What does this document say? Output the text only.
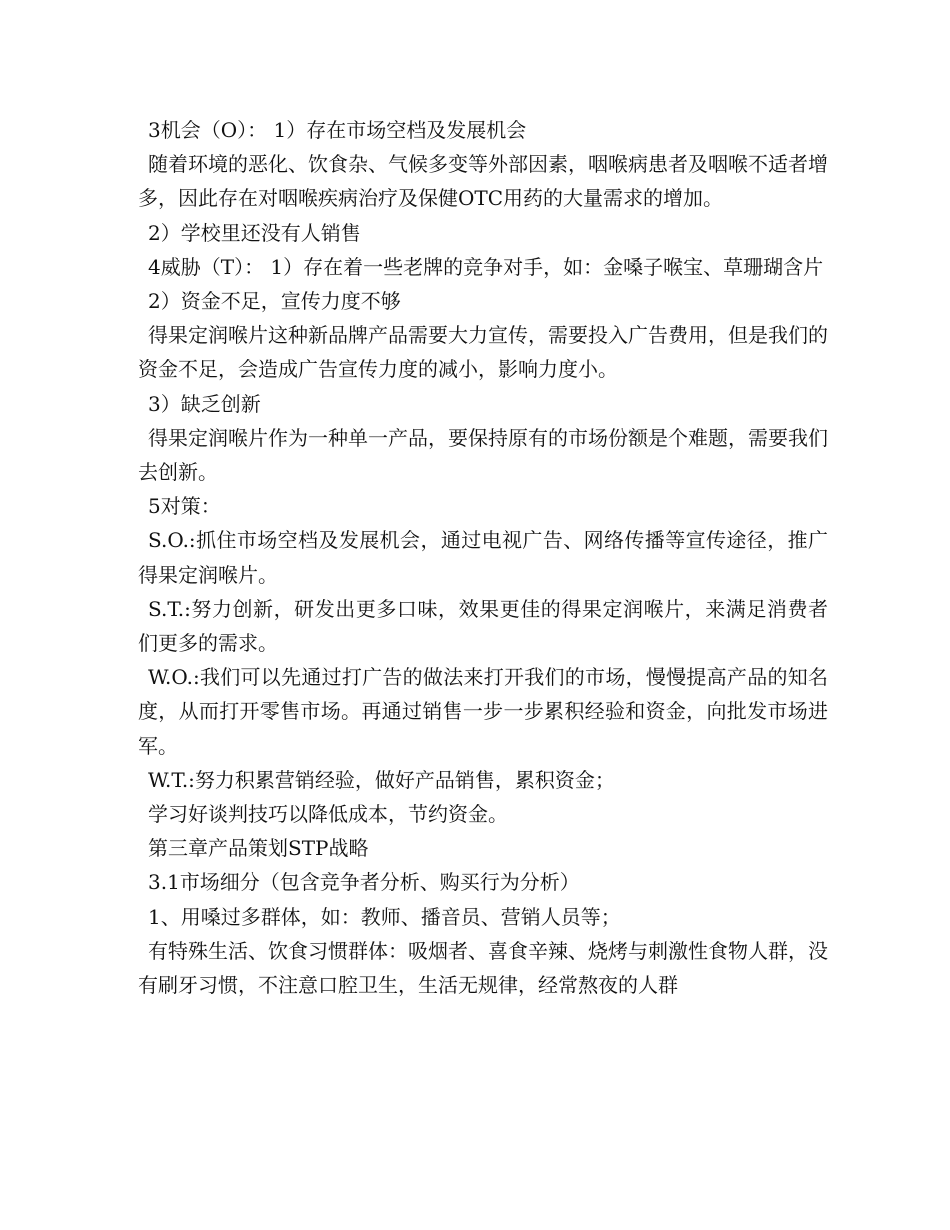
3机会（O）： 1）存在市场空档及发展机会

随着环境的恶化、饮食杂、气候多变等外部因素，咽喉病患者及咽喉不适者增多，因此存在对咽喉疾病治疗及保健OTC用药的大量需求的增加。

2）学校里还没有人销售

4威胁（T）： 1）存在着一些老牌的竞争对手，如：金嗓子喉宝、草珊瑚含片

2）资金不足，宣传力度不够

得果定润喉片这种新品牌产品需要大力宣传，需要投入广告费用，但是我们的资金不足，会造成广告宣传力度的减小，影响力度小。

3）缺乏创新

得果定润喉片作为一种单一产品，要保持原有的市场份额是个难题，需要我们去创新。

5对策：

S.O.:抓住市场空档及发展机会，通过电视广告、网络传播等宣传途径，推广得果定润喉片。

S.T.:努力创新，研发出更多口味，效果更佳的得果定润喉片，来满足消费者们更多的需求。

W.O.:我们可以先通过打广告的做法来打开我们的市场，慢慢提高产品的知名度，从而打开零售市场。再通过销售一步一步累积经验和资金，向批发市场进军。

W.T.:努力积累营销经验，做好产品销售，累积资金；

学习好谈判技巧以降低成本，节约资金。

第三章产品策划STP战略

3.1市场细分（包含竞争者分析、购买行为分析）

1、用嗓过多群体，如：教师、播音员、营销人员等；

有特殊生活、饮食习惯群体：吸烟者、喜食辛辣、烧烤与刺激性食物人群，没有刷牙习惯，不注意口腔卫生，生活无规律，经常熬夜的人群
